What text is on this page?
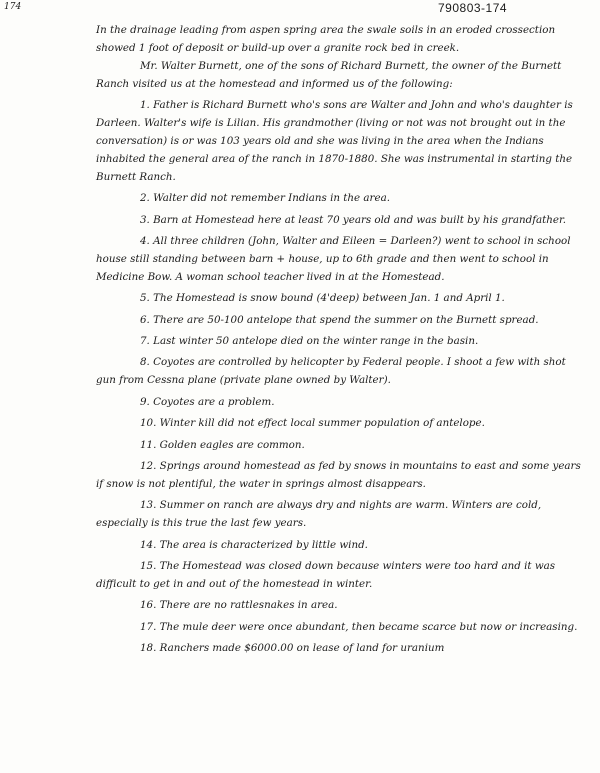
174	790803-174

In the drainage leading from aspen spring area the swale soils in an eroded crossection showed 1 foot of deposit or build-up over a granite rock bed in creek.

Mr. Walter Burnett, one of the sons of Richard Burnett, the owner of the Burnett Ranch visited us at the homestead and informed us of the following:

1. Father is Richard Burnett who's sons are Walter and John and who's daughter is Darleen. Walter's wife is Lilian. His grandmother (living or not was not brought out in the conversation) is or was 103 years old and she was living in the area when the Indians inhabited the general area of the ranch in 1870-1880. She was instrumental in starting the Burnett Ranch.

2. Walter did not remember Indians in the area.

3. Barn at Homestead here at least 70 years old and was built by his grandfather.

4. All three children (John, Walter and Eileen = Darleen?) went to school in school house still standing between barn + house, up to 6th grade and then went to school in Medicine Bow. A woman school teacher lived in at the Homestead.

5. The Homestead is snow bound (4'deep) between Jan. 1 and April 1.

6. There are 50-100 antelope that spend the summer on the Burnett spread.

7. Last winter 50 antelope died on the winter range in the basin.

8. Coyotes are controlled by helicopter by Federal people. I shoot a few with shot gun from Cessna plane (private plane owned by Walter).

9. Coyotes are a problem.

10. Winter kill did not effect local summer population of antelope.

11. Golden eagles are common.

12. Springs around homestead as fed by snows in mountains to east and some years if snow is not plentiful, the water in springs almost disappears.

13. Summer on ranch are always dry and nights are warm. Winters are cold, especially is this true the last few years.

14. The area is characterized by little wind.

15. The Homestead was closed down because winters were too hard and it was difficult to get in and out of the homestead in winter.

16. There are no rattlesnakes in area.

17. The mule deer were once abundant, then became scarce but now or increasing.

18. Ranchers made $6000.00 on lease of land for uranium
